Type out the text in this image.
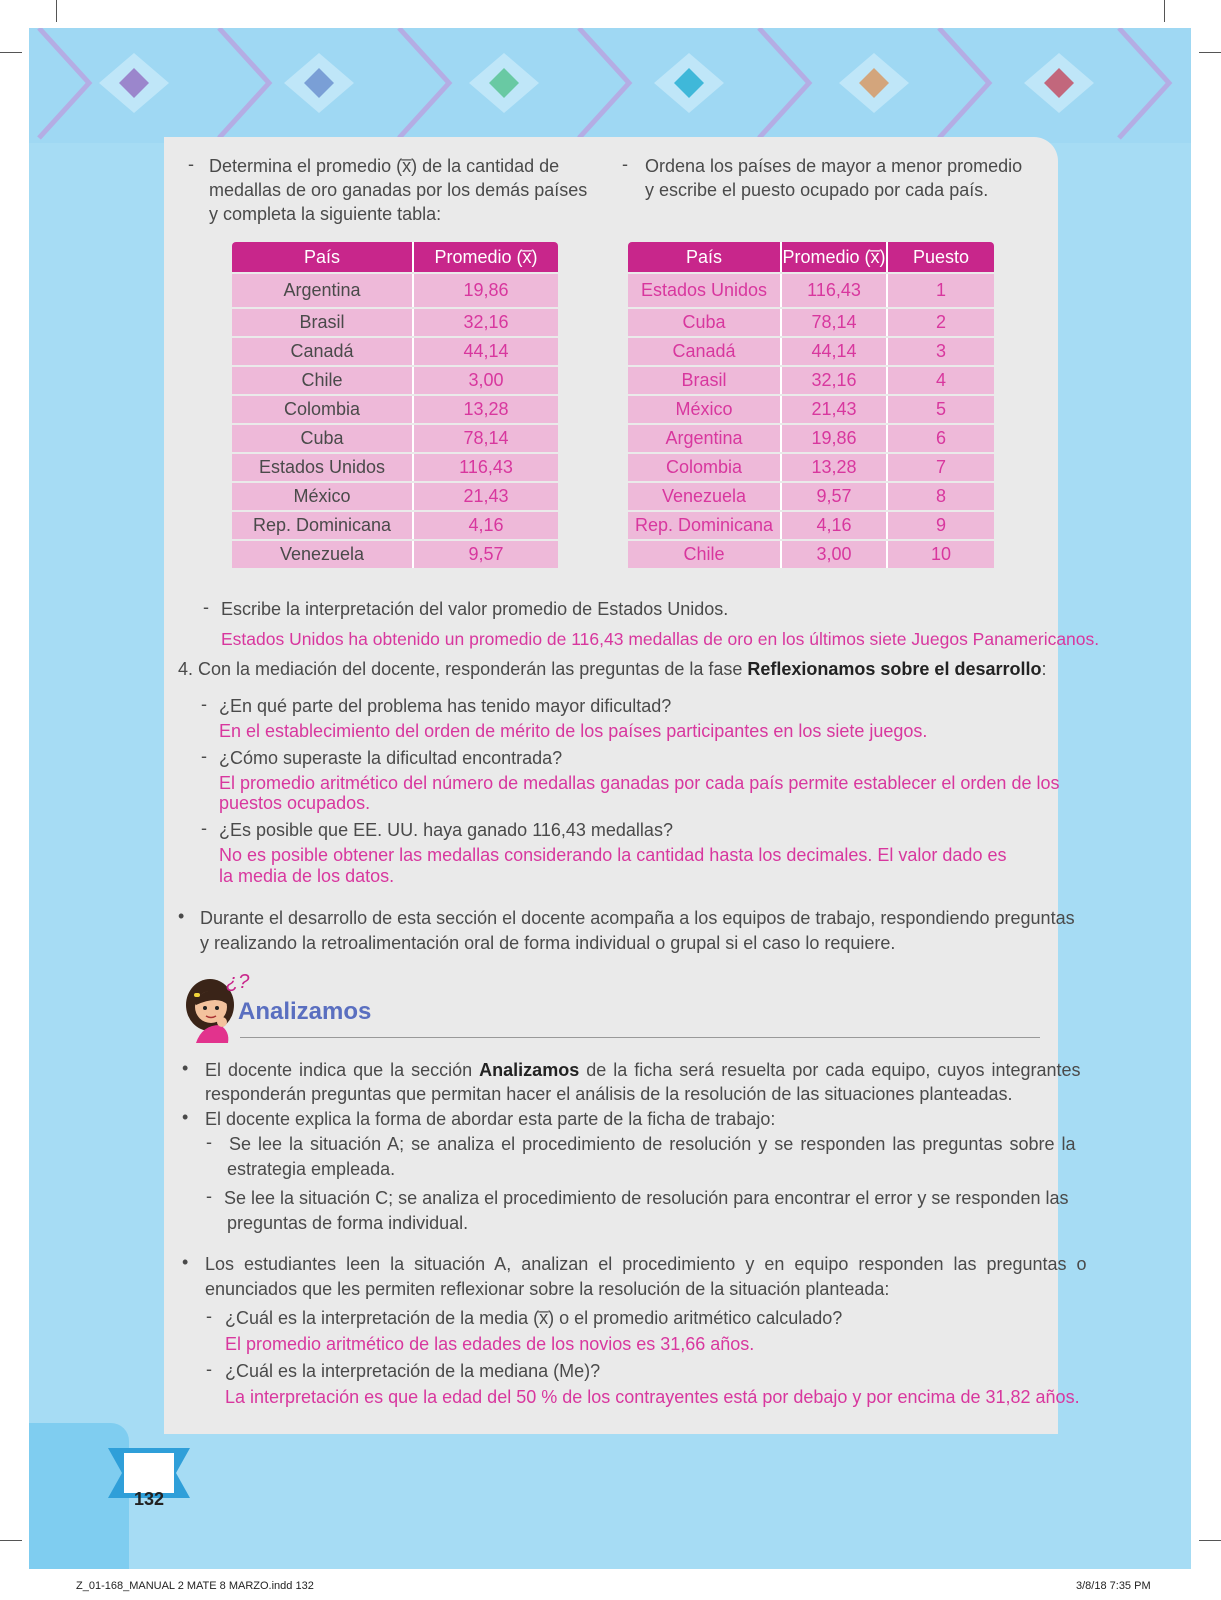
- Determina el promedio (x̅) de la cantidad de medallas de oro ganadas por los demás países y completa la siguiente tabla:
- Ordena los países de mayor a menor promedio y escribe el puesto ocupado por cada país.
País	Promedio (x̅)
Argentina	19,86
Brasil	32,16
Canadá	44,14
Chile	3,00
Colombia	13,28
Cuba	78,14
Estados Unidos	116,43
México	21,43
Rep. Dominicana	4,16
Venezuela	9,57
País	Promedio (x̅)	Puesto
Estados Unidos	116,43	1
Cuba	78,14	2
Canadá	44,14	3
Brasil	32,16	4
México	21,43	5
Argentina	19,86	6
Colombia	13,28	7
Venezuela	9,57	8
Rep. Dominicana	4,16	9
Chile	3,00	10
- Escribe la interpretación del valor promedio de Estados Unidos.
Estados Unidos ha obtenido un promedio de 116,43 medallas de oro en los últimos siete Juegos Panamericanos.
4. Con la mediación del docente, responderán las preguntas de la fase Reflexionamos sobre el desarrollo:
- ¿En qué parte del problema has tenido mayor dificultad?
En el establecimiento del orden de mérito de los países participantes en los siete juegos.
- ¿Cómo superaste la dificultad encontrada?
El promedio aritmético del número de medallas ganadas por cada país permite establecer el orden de los
puestos ocupados.
- ¿Es posible que EE. UU. haya ganado 116,43 medallas?
No es posible obtener las medallas considerando la cantidad hasta los decimales. El valor dado es
la media de los datos.
• Durante el desarrollo de esta sección el docente acompaña a los equipos de trabajo, respondiendo preguntas
y realizando la retroalimentación oral de forma individual o grupal si el caso lo requiere.
¿?
Analizamos
• El docente indica que la sección Analizamos de la ficha será resuelta por cada equipo, cuyos integrantes
responderán preguntas que permitan hacer el análisis de la resolución de las situaciones planteadas.
• El docente explica la forma de abordar esta parte de la ficha de trabajo:
- Se lee la situación A; se analiza el procedimiento de resolución y se responden las preguntas sobre la
estrategia empleada.
- Se lee la situación C; se analiza el procedimiento de resolución para encontrar el error y se responden las
preguntas de forma individual.
• Los estudiantes leen la situación A, analizan el procedimiento y en equipo responden las preguntas o
enunciados que les permiten reflexionar sobre la resolución de la situación planteada:
- ¿Cuál es la interpretación de la media (x̅) o el promedio aritmético calculado?
El promedio aritmético de las edades de los novios es 31,66 años.
- ¿Cuál es la interpretación de la mediana (Me)?
La interpretación es que la edad del 50 % de los contrayentes está por debajo y por encima de 31,82 años.
132
Z_01-168_MANUAL 2 MATE 8 MARZO.indd 132	3/8/18 7:35 PM
